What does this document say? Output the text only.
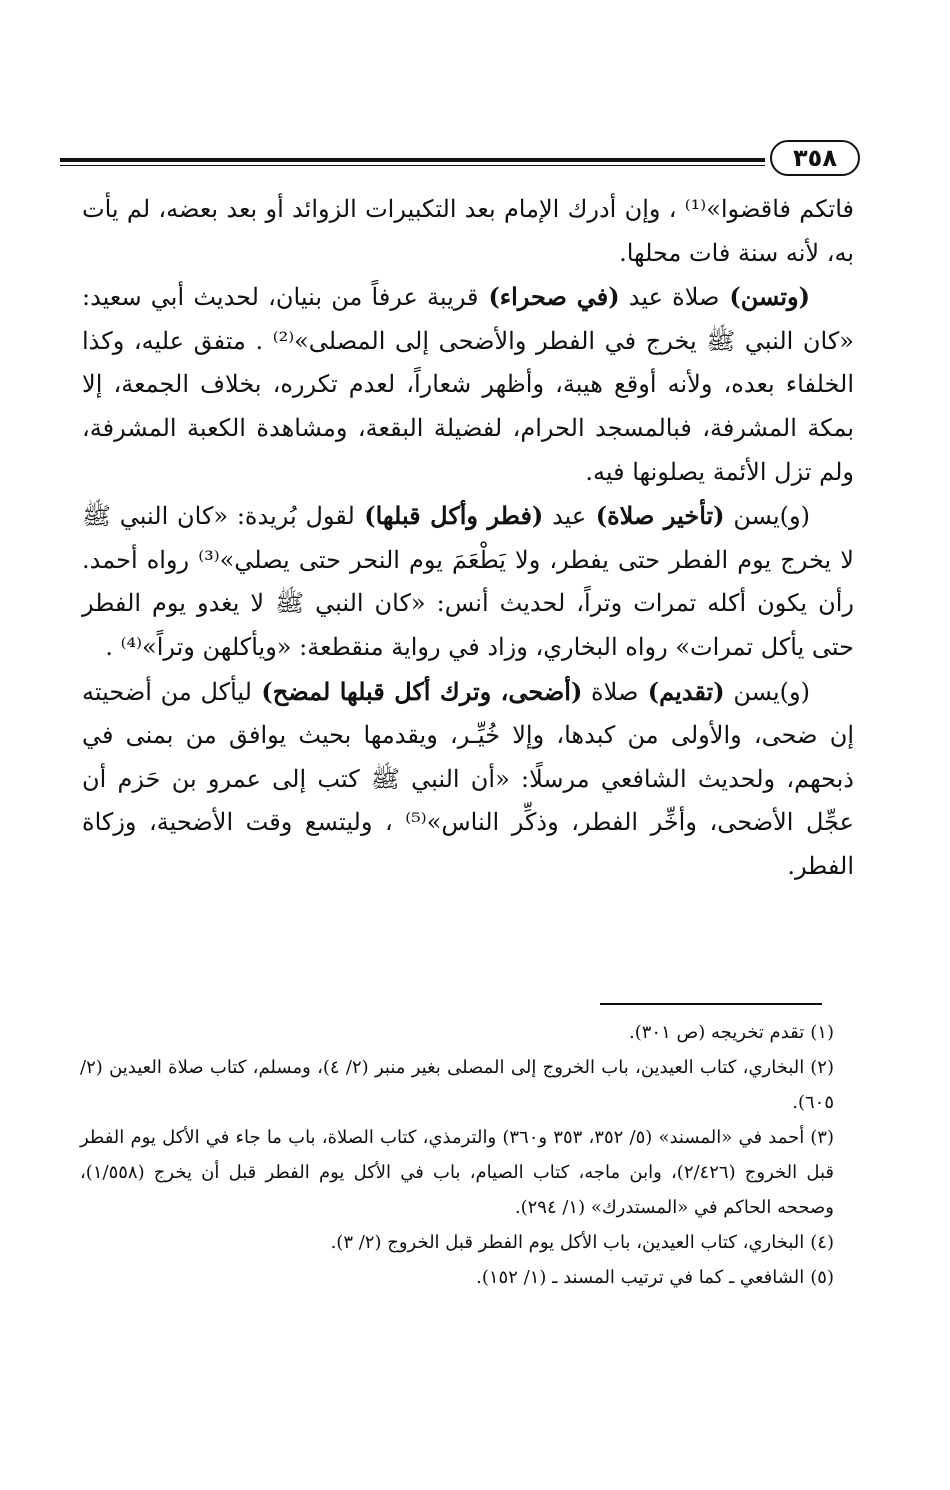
٣٥٨

فاتكم فاقضوا»⁽¹⁾ ، وإن أدرك الإمام بعد التكبيرات الزوائد أو بعد بعضه، لم يأت به، لأنه سنة فات محلها.

(وتسن) صلاة عيد (في صحراء) قريبة عرفاً من بنيان، لحديث أبي سعيد: «كان النبي ﷺ يخرج في الفطر والأضحى إلى المصلى»⁽²⁾ . متفق عليه، وكذا الخلفاء بعده، ولأنه أوقع هيبة، وأظهر شعاراً، لعدم تكرره، بخلاف الجمعة، إلا بمكة المشرفة، فبالمسجد الحرام، لفضيلة البقعة، ومشاهدة الكعبة المشرفة، ولم تزل الأئمة يصلونها فيه.

(و)يسن (تأخير صلاة) عيد (فطر وأكل قبلها) لقول بُريدة: «كان النبي ﷺ لا يخرج يوم الفطر حتى يفطر، ولا يَطْعَمَ يوم النحر حتى يصلي»⁽³⁾ رواه أحمد. رأن يكون أكله تمرات وتراً، لحديث أنس: «كان النبي ﷺ لا يغدو يوم الفطر حتى يأكل تمرات» رواه البخاري، وزاد في رواية منقطعة: «ويأكلهن وتراً»⁽⁴⁾ .

(و)يسن (تقديم) صلاة (أضحى، وترك أكل قبلها لمضح) ليأكل من أضحيته إن ضحى، والأولى من كبدها، وإلا خُيِّـر، ويقدمها بحيث يوافق من بمنى في ذبحهم، ولحديث الشافعي مرسلًا: «أن النبي ﷺ كتب إلى عمرو بن حَزم أن عجِّل الأضحى، وأخِّر الفطر، وذكِّر الناس»⁽⁵⁾ ، وليتسع وقت الأضحية، وزكاة الفطر.

(١)تقدم تخريجه (ص ٣٠١).

(٢)البخاري، كتاب العيدين، باب الخروج إلى المصلى بغير منبر (٢/ ٤)، ومسلم، كتاب صلاة العيدين (٢/ ٦٠٥).

(٣)أحمد في «المسند» (٥/ ٣٥٢، ٣٥٣ و٣٦٠) والترمذي، كتاب الصلاة، باب ما جاء في الأكل يوم الفطر قبل الخروج (٢/٤٢٦)، وابن ماجه، كتاب الصيام، باب في الأكل يوم الفطر قبل أن يخرج (١/٥٥٨)، وصححه الحاكم في «المستدرك» (١/ ٢٩٤).

(٤)البخاري، كتاب العيدين، باب الأكل يوم الفطر قبل الخروج (٢/ ٣).

(٥)الشافعي ـ كما في ترتيب المسند ـ (١/ ١٥٢).
